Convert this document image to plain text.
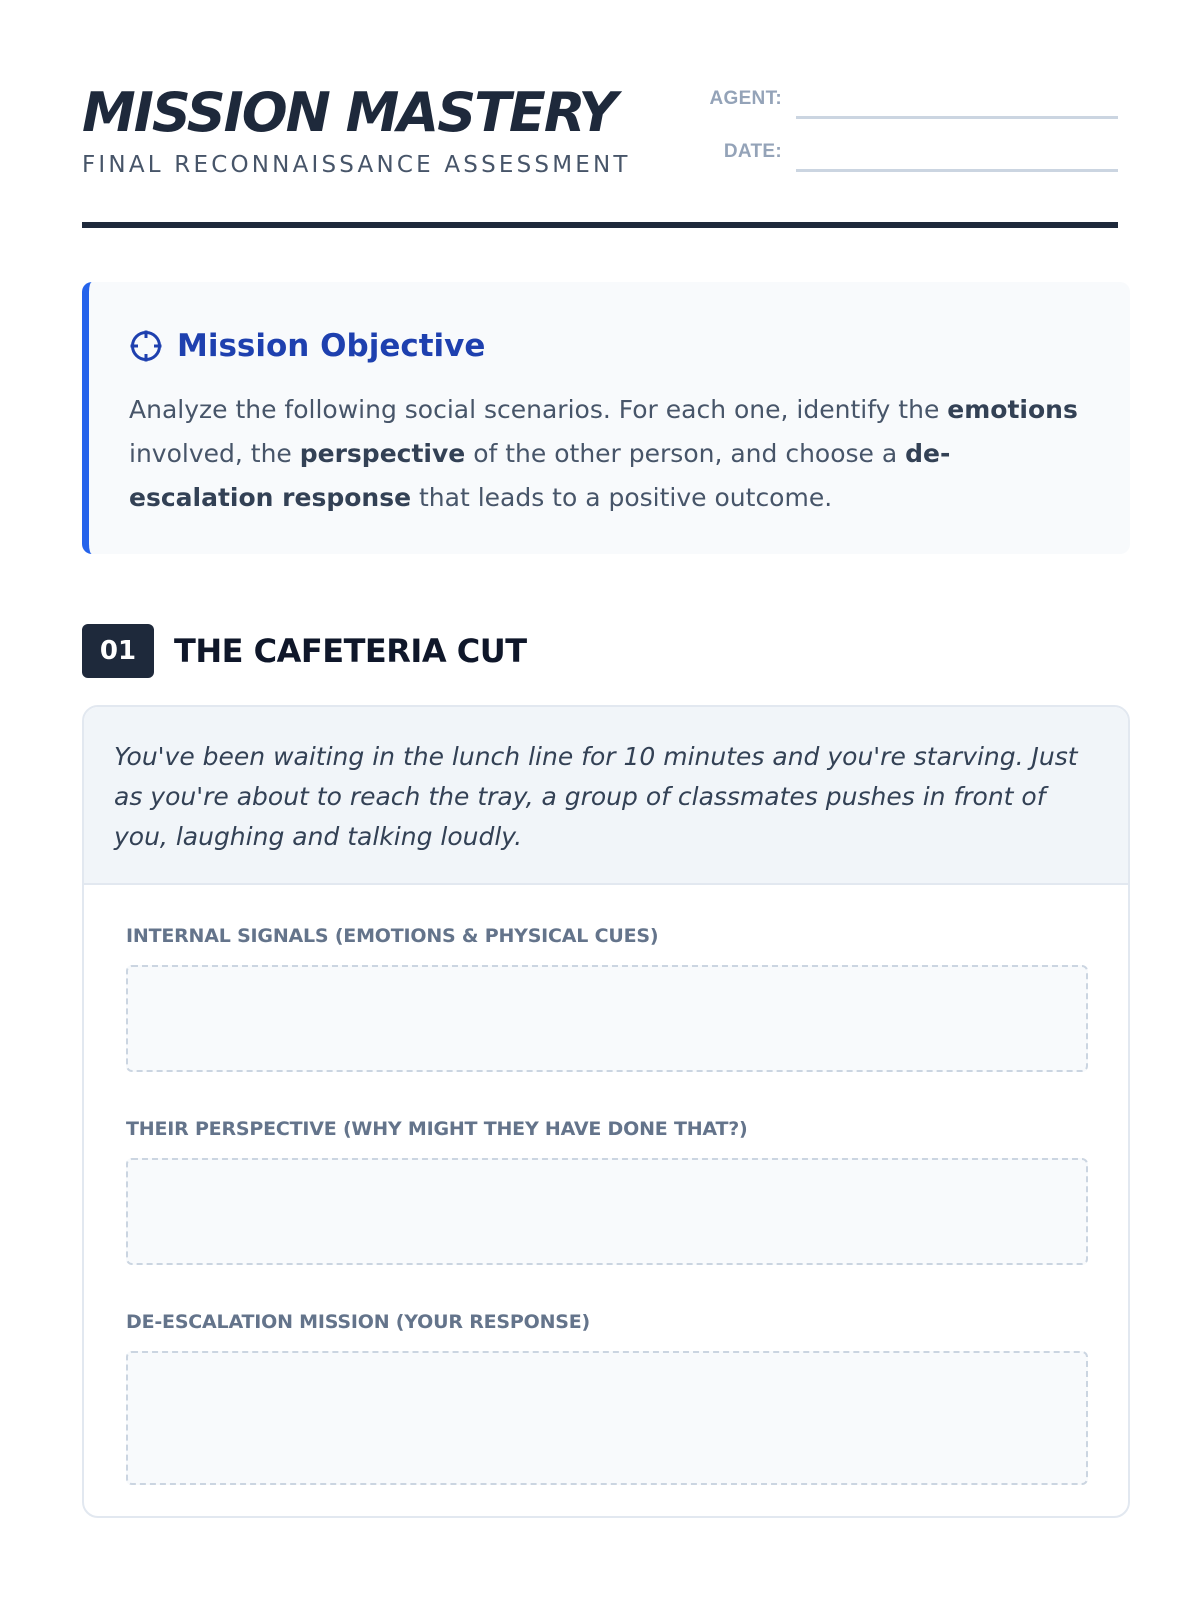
MISSION MASTERY
FINAL RECONNAISSANCE ASSESSMENT
AGENT:
DATE:
Mission Objective

Analyze the following social scenarios. For each one, identify the emotions involved, the perspective of the other person, and choose a de-escalation response that leads to a positive outcome.

01	THE CAFETERIA CUT
You've been waiting in the lunch line for 10 minutes and you're starving. Just as you're about to reach the tray, a group of classmates pushes in front of you, laughing and talking loudly.
INTERNAL SIGNALS (EMOTIONS & PHYSICAL CUES)
THEIR PERSPECTIVE (WHY MIGHT THEY HAVE DONE THAT?)
DE-ESCALATION MISSION (YOUR RESPONSE)
